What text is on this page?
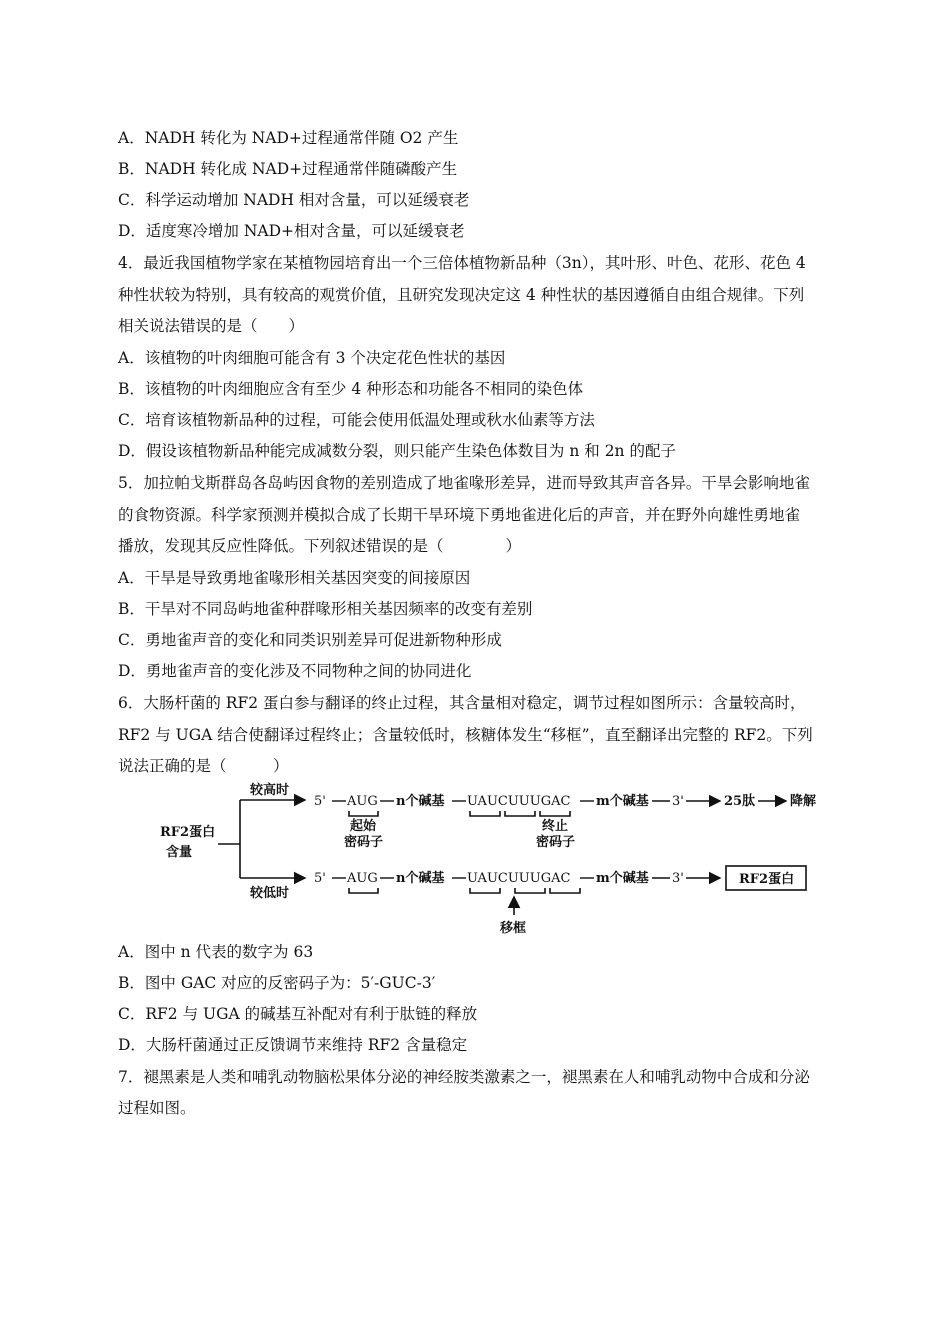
A．NADH 转化为 NAD+过程通常伴随 O2 产生
B．NADH 转化成 NAD+过程通常伴随磷酸产生
C．科学运动增加 NADH 相对含量，可以延缓衰老
D．适度寒冷增加 NAD+相对含量，可以延缓衰老
4．最近我国植物学家在某植物园培育出一个三倍体植物新品种（3n），其叶形、叶色、花形、花色 4
种性状较为特别，具有较高的观赏价值，且研究发现决定这 4 种性状的基因遵循自由组合规律。下列
相关说法错误的是（　　）
A．该植物的叶肉细胞可能含有 3 个决定花色性状的基因
B．该植物的叶肉细胞应含有至少 4 种形态和功能各不相同的染色体
C．培育该植物新品种的过程，可能会使用低温处理或秋水仙素等方法
D．假设该植物新品种能完成减数分裂，则只能产生染色体数目为 n 和 2n 的配子
5．加拉帕戈斯群岛各岛屿因食物的差别造成了地雀喙形差异，进而导致其声音各异。干旱会影响地雀
的食物资源。科学家预测并模拟合成了长期干旱环境下勇地雀进化后的声音，并在野外向雄性勇地雀
播放，发现其反应性降低。下列叙述错误的是（　　　　）
A．干旱是导致勇地雀喙形相关基因突变的间接原因
B．干旱对不同岛屿地雀种群喙形相关基因频率的改变有差别
C．勇地雀声音的变化和同类识别差异可促进新物种形成
D．勇地雀声音的变化涉及不同物种之间的协同进化
6．大肠杆菌的 RF2 蛋白参与翻译的终止过程，其含量相对稳定，调节过程如图所示：含量较高时，
RF2 与 UGA 结合使翻译过程终止；含量较低时，核糖体发生“移框”，直至翻译出完整的 RF2。下列
说法正确的是（　　　）
RF2蛋白
含量
较高时
较低时
5' AUG n个碱基 UAUCUUUGAC m个碱基 3'	25肽	降解
起始
密码子
终止
密码子
5' AUG n个碱基 UAUCUUUGAC m个碱基 3'	RF2蛋白
移框
A．图中 n 代表的数字为 63
B．图中 GAC 对应的反密码子为：5′-GUC-3′
C．RF2 与 UGA 的碱基互补配对有利于肽链的释放
D．大肠杆菌通过正反馈调节来维持 RF2 含量稳定
7．褪黑素是人类和哺乳动物脑松果体分泌的神经胺类激素之一，褪黑素在人和哺乳动物中合成和分泌
过程如图。
